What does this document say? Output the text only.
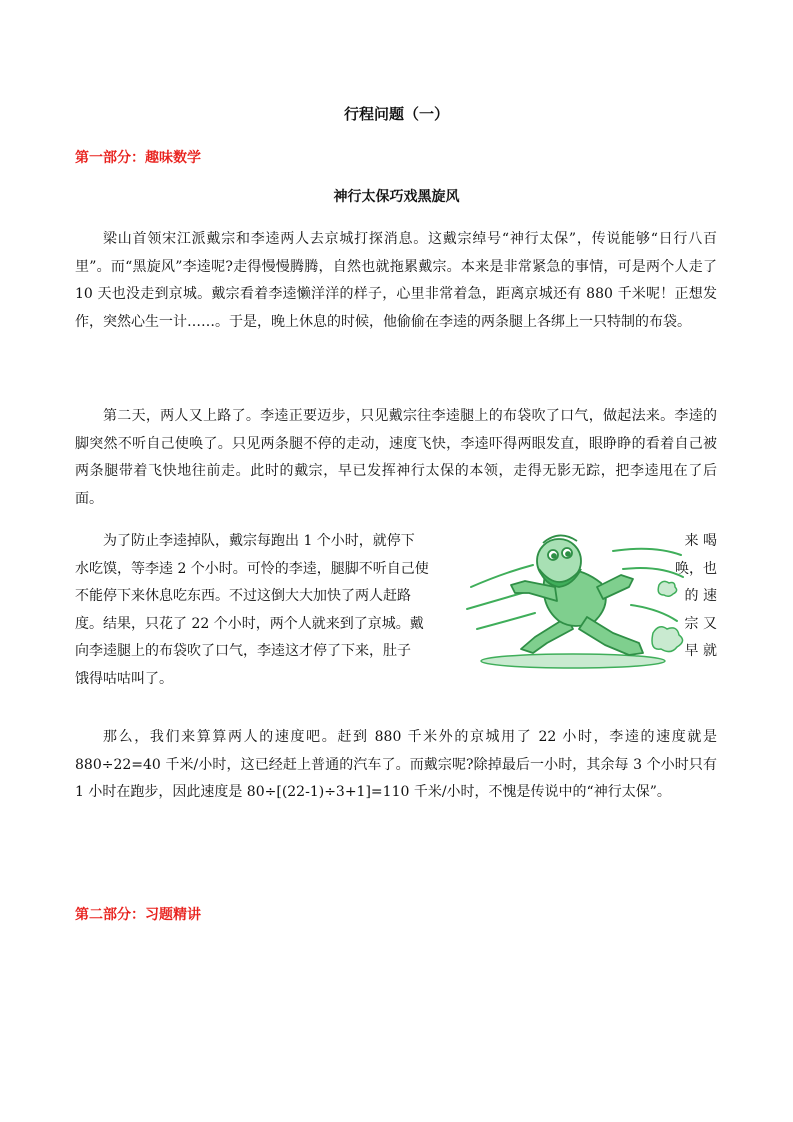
行程问题（一）
第一部分：趣味数学
神行太保巧戏黑旋风

梁山首领宋江派戴宗和李逵两人去京城打探消息。这戴宗绰号“神行太保”，传说能够“日行八百里”。而“黑旋风”李逵呢?走得慢慢腾腾，自然也就拖累戴宗。本来是非常紧急的事情，可是两个人走了 10 天也没走到京城。戴宗看着李逵懒洋洋的样子，心里非常着急，距离京城还有 880 千米呢！正想发作，突然心生一计……。于是，晚上休息的时候，他偷偷在李逵的两条腿上各绑上一只特制的布袋。

第二天，两人又上路了。李逵正要迈步，只见戴宗往李逵腿上的布袋吹了口气，做起法来。李逵的脚突然不听自己使唤了。只见两条腿不停的走动，速度飞快，李逵吓得两眼发直，眼睁睁的看着自己被两条腿带着飞快地往前走。此时的戴宗，早已发挥神行太保的本领，走得无影无踪，把李逵甩在了后面。

为了防止李逵掉队，戴宗每跑出 1 个小时，就停下
水吃馍，等李逵 2 个小时。可怜的李逵，腿脚不听自己使
不能停下来休息吃东西。不过这倒大大加快了两人赶路
度。结果，只花了 22 个小时，两个人就来到了京城。戴
向李逵腿上的布袋吹了口气，李逵这才停了下来，肚子
饿得咕咕叫了。
来 喝
唤，也
的 速
宗 又
早 就

那么，我们来算算两人的速度吧。赶到 880 千米外的京城用了 22 小时，李逵的速度就是 880÷22=40 千米/小时，这已经赶上普通的汽车了。而戴宗呢?除掉最后一小时，其余每 3 个小时只有 1 小时在跑步，因此速度是 80÷[(22-1)÷3+1]=110 千米/小时，不愧是传说中的“神行太保”。

第二部分：习题精讲
